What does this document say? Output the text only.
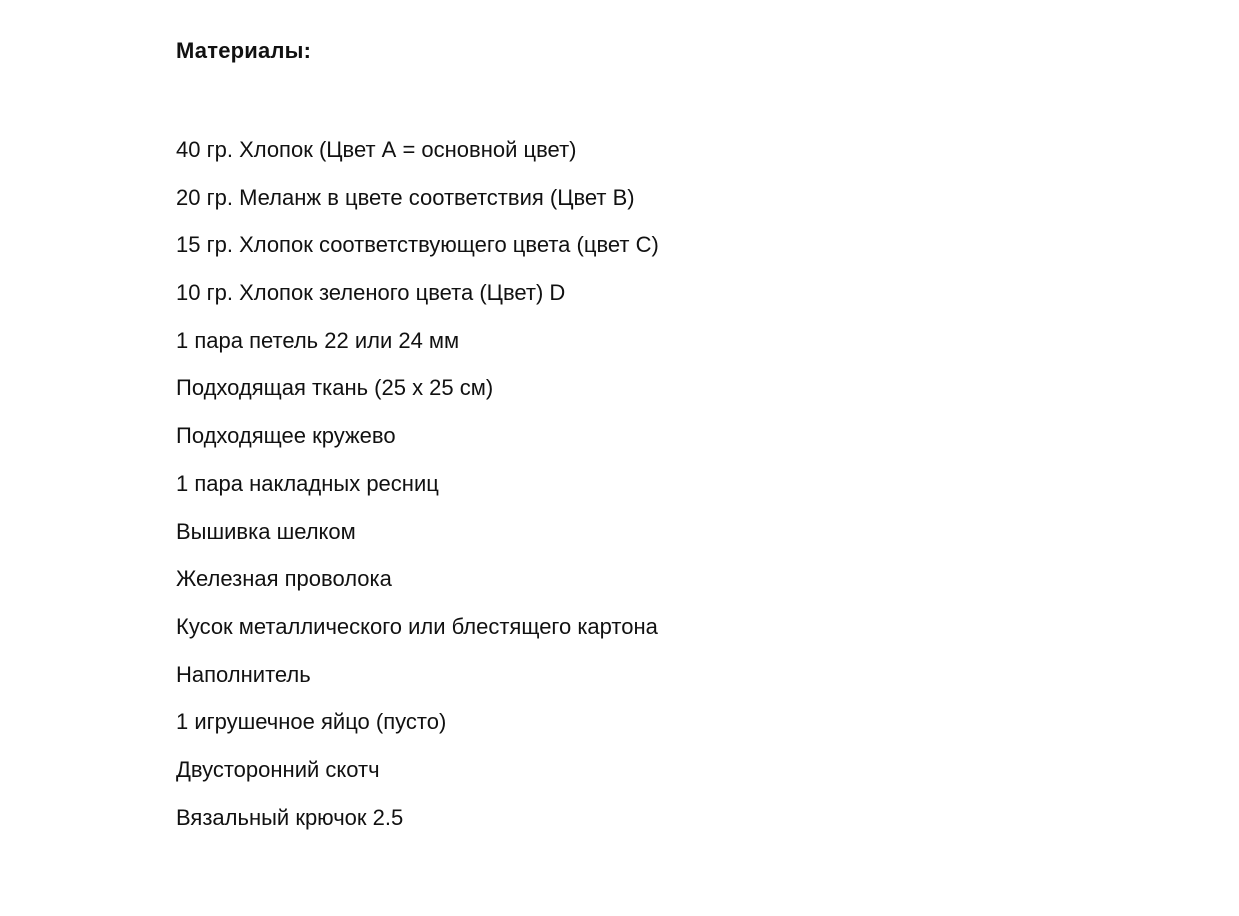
Материалы:
40 гр. Хлопок (Цвет А = основной цвет)
20 гр. Меланж в цвете соответствия (Цвет В)
15 гр. Хлопок соответствующего цвета (цвет С)
10 гр. Хлопок зеленого цвета (Цвет) D
1 пара петель 22 или 24 мм
Подходящая ткань (25 х 25 см)
Подходящее кружево
1 пара накладных ресниц
Вышивка шелком
Железная проволока
Кусок металлического или блестящего картона
Наполнитель
1 игрушечное яйцо (пусто)
Двусторонний скотч
Вязальный крючок 2.5
